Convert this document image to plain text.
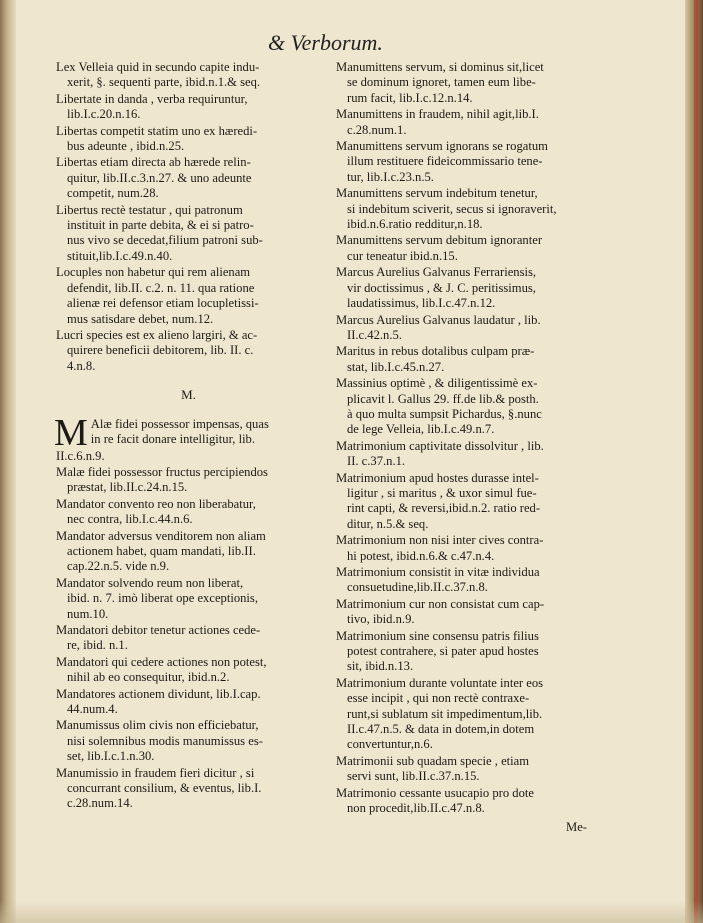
& Verborum.
Lex Velleia quid in secundo capite indu-
xerit, §. sequenti parte, ibid.n.1.& seq.
Libertate in danda , verba requiruntur,
lib.I.c.20.n.16.
Libertas competit statim uno ex hæredi-
bus adeunte , ibid.n.25.
Libertas etiam directa ab hærede relin-
quitur, lib.II.c.3.n.27. & uno adeunte
competit, num.28.
Libertus rectè testatur , qui patronum
instituit in parte debita, & ei si patro-
nus vivo se decedat,filium patroni sub-
stituit,lib.I.c.49.n.40.
Locuples non habetur qui rem alienam
defendit, lib.II. c.2. n. 11. qua ratione
alienæ rei defensor etiam locupletissi-
mus satisdare debet, num.12.
Lucri species est ex alieno largiri, & ac-
quirere beneficii debitorem, lib. II. c.
4.n.8.
M.
M Alæ fidei possessor impensas, quas
in re facit donare intelligitur, lib.
II.c.6.n.9.
Malæ fidei possessor fructus percipiendos
præstat, lib.II.c.24.n.15.
Mandator convento reo non liberabatur,
nec contra, lib.I.c.44.n.6.
Mandator adversus venditorem non aliam
actionem habet, quam mandati, lib.II.
cap.22.n.5. vide n.9.
Mandator solvendo reum non liberat,
ibid. n. 7. imò liberat ope exceptionis,
num.10.
Mandatori debitor tenetur actiones cede-
re, ibid. n.1.
Mandatori qui cedere actiones non potest,
nihil ab eo consequitur, ibid.n.2.
Mandatores actionem dividunt, lib.I.cap.
44.num.4.
Manumissus olim civis non efficiebatur,
nisi solemnibus modis manumissus es-
set, lib.I.c.1.n.30.
Manumissio in fraudem fieri dicitur , si
concurrant consilium, & eventus, lib.I.
c.28.num.14.
Manumittens servum, si dominus sit,licet
se dominum ignoret, tamen eum libe-
rum facit, lib.I.c.12.n.14.
Manumittens in fraudem, nihil agit,lib.I.
c.28.num.1.
Manumittens servum ignorans se rogatum
illum restituere fideicommissario tene-
tur, lib.I.c.23.n.5.
Manumittens servum indebitum tenetur,
si indebitum sciverit, secus si ignoraverit,
ibid.n.6.ratio redditur,n.18.
Manumittens servum debitum ignoranter
cur teneatur ibid.n.15.
Marcus Aurelius Galvanus Ferrariensis,
vir doctissimus , & J. C. peritissimus,
laudatissimus, lib.I.c.47.n.12.
Marcus Aurelius Galvanus laudatur , lib.
II.c.42.n.5.
Maritus in rebus dotalibus culpam præ-
stat, lib.I.c.45.n.27.
Massinius optimè , & diligentissimè ex-
plicavit l. Gallus 29. ff.de lib.& posth.
à quo multa sumpsit Pichardus, §.nunc
de lege Velleia, lib.I.c.49.n.7.
Matrimonium captivitate dissolvitur , lib.
II. c.37.n.1.
Matrimonium apud hostes durasse intel-
ligitur , si maritus , & uxor simul fue-
rint capti, & reversi,ibid.n.2. ratio red-
ditur, n.5.& seq.
Matrimonium non nisi inter cives contra-
hi potest, ibid.n.6.& c.47.n.4.
Matrimonium consistit in vitæ individua
consuetudine,lib.II.c.37.n.8.
Matrimonium cur non consistat cum cap-
tivo, ibid.n.9.
Matrimonium sine consensu patris filius
potest contrahere, si pater apud hostes
sit, ibid.n.13.
Matrimonium durante voluntate inter eos
esse incipit , qui non rectè contraxe-
runt,si sublatum sit impedimentum,lib.
II.c.47.n.5. & data in dotem,in dotem
convertuntur,n.6.
Matrimonii sub quadam specie , etiam
servi sunt, lib.II.c.37.n.15.
Matrimonio cessante usucapio pro dote
non procedit,lib.II.c.47.n.8.
Me-
